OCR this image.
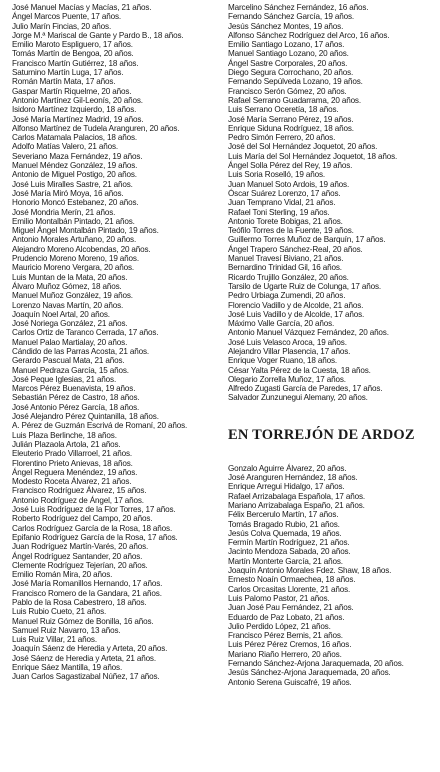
José Manuel Macías y Macías, 21 años.
Ángel Marcos Puente, 17 años.
Julio Marín Fincias, 20 años.
Jorge M.ª Mariscal de Gante y Pardo B., 18 años.
Emilio Maroto Espliguero, 17 años.
Tomás Martín de Bengoa, 20 años.
Francisco Martín Gutiérrez, 18 años.
Saturnino Martín Luga, 17 años.
Román Martín Mata, 17 años.
Gaspar Martín Riquelme, 20 años.
Antonio Martínez Gil-Leonís, 20 años.
Isidoro Martínez Izquierdo, 18 años.
José María Martínez Madrid, 19 años.
Alfonso Martínez de Tudela Aranguren, 20 años.
Carlos Matamala Palacios, 18 años.
Adolfo Matías Valero, 21 años.
Severiano Maza Fernández, 19 años.
Manuel Méndez González, 19 años.
Antonio de Miguel Postigo, 20 años.
José Luis Miralles Sastre, 21 años.
José María Miró Moya, 16 años.
Honorio Moncó Estebanez, 20 años.
José Mondria Merín, 21 años.
Emilio Montalbán Pintado, 21 años.
Miguel Ángel Montalbán Pintado, 19 años.
Antonio Morales Artuñano, 20 años.
Alejandro Moreno Alcobendas, 20 años.
Prudencio Moreno Moreno, 19 años.
Mauricio Moreno Vergara, 20 años.
Luis Muntan de la Mata, 20 años.
Álvaro Muñoz Gómez, 18 años.
Manuel Muñoz González, 19 años.
Lorenzo Navas Martín, 20 años.
Joaquín Noel Artal, 20 años.
José Noriega González, 21 años.
Carlos Ortiz de Taranco Cerrada, 17 años.
Manuel Palao Martialay, 20 años.
Cándido de las Parras Acosta, 21 años.
Gerardo Pascual Mata, 21 años.
Manuel Pedraza García, 15 años.
José Peque Iglesias, 21 años.
Marcos Pérez Buenavista, 19 años.
Sebastián Pérez de Castro, 18 años.
José Antonio Pérez García, 18 años.
José Alejandro Pérez Quintanilla, 18 años.
A. Pérez de Guzmán Escrivá de Romaní, 20 años.
Luis Plaza Berlinche, 18 años.
Julián Plazaola Artola, 21 años.
Eleuterio Prado Villarroel, 21 años.
Florentino Prieto Anievas, 18 años.
Ángel Reguera Menéndez, 19 años.
Modesto Roceta Álvarez, 21 años.
Francisco Rodríguez Álvarez, 15 años.
Antonio Rodríguez de Ángel, 17 años.
José Luis Rodríguez de la Flor Torres, 17 años.
Roberto Rodríguez del Campo, 20 años.
Carlos Rodríguez García de la Rosa, 18 años.
Epifanio Rodríguez García de la Rosa, 17 años.
Juan Rodríguez Martín-Varés, 20 años.
Ángel Rodríguez Santander, 20 años.
Clemente Rodríguez Tejerían, 20 años.
Emilio Román Mira, 20 años.
José María Romanillos Hernando, 17 años.
Francisco Romero de la Gandara, 21 años.
Pablo de la Rosa Cabestrero, 18 años.
Luis Rubio Cueto, 21 años.
Manuel Ruiz Gómez de Bonilla, 16 años.
Samuel Ruiz Navarro, 13 años.
Luis Ruiz Villar, 21 años.
Joaquín Sáenz de Heredia y Arteta, 20 años.
José Sáenz de Heredia y Arteta, 21 años.
Enrique Sáez Mantilla, 19 años.
Juan Carlos Sagastizabal Núñez, 17 años.
Marcelino Sánchez Fernández, 16 años.
Fernando Sánchez García, 19 años.
Jesús Sánchez Montes, 19 años.
Alfonso Sánchez Rodríguez del Arco, 16 años.
Emilio Santiago Lozano, 17 años.
Manuel Santiago Lozano, 20 años.
Ángel Sastre Corporales, 20 años.
Diego Segura Corrochano, 20 años.
Fernando Sepúlveda Lozano, 19 años.
Francisco Serón Gómez, 20 años.
Rafael Serrano Guadarrama, 20 años.
Luis Serrano Oceretía, 18 años.
José María Serrano Pérez, 19 años.
Enrique Siduna Rodríguez, 18 años.
Pedro Simón Ferrero, 20 años.
José del Sol Hernández Joquetot, 20 años.
Luis María del Sol Hernández Joquetot, 18 años.
Ángel Solla Pérez del Rey, 19 años.
Luis Soria Roselló, 19 años.
Juan Manuel Soto Ardois, 19 años.
Óscar Suárez Lorenzo, 17 años.
Juan Temprano Vidal, 21 años.
Rafael Toni Sterling, 19 años.
Antonio Torete Bobigas, 21 años.
Teófilo Torres de la Fuente, 19 años.
Guillermo Torres Muñoz de Barquín, 17 años.
Ángel Trapero Sánchez-Real, 20 años.
Manuel Travesí Biviano, 21 años.
Bernardino Trinidad Gil, 16 años.
Ricardo Trujillo González, 20 años.
Tarsilo de Ugarte Ruiz de Colunga, 17 años.
Pedro Urbiaga Zumendi, 20 años.
Florencio Vadillo y de Alcolde, 21 años.
José Luis Vadillo y de Alcolde, 17 años.
Máximo Valle García, 20 años.
Antonio Manuel Vázquez Fernández, 20 años.
José Luis Velasco Aroca, 19 años.
Alejandro Villar Plasencia, 17 años.
Enrique Voger Ruano, 18 años.
César Yalta Pérez de la Cuesta, 18 años.
Olegario Zorrella Muñoz, 17 años.
Alfredo Zugasti García de Paredes, 17 años.
Salvador Zunzunegui Alemany, 20 años.
EN TORREJÓN DE ARDOZ
Gonzalo Aguirre Álvarez, 20 años.
José Aranguren Hernández, 18 años.
Enrique Arregui Hidalgo, 17 años.
Rafael Arrizabalaga Española, 17 años.
Mariano Arrizabalaga Españo, 21 años.
Félix Bercerulo Martín, 17 años.
Tomás Bragado Rubio, 21 años.
Jesús Colva Quemada, 19 años.
Fermín Martín Rodríguez, 21 años.
Jacinto Mendoza Sabada, 20 años.
Martín Monterte García, 21 años.
Joaquín Antonio Morales Fdez. Shaw, 18 años.
Ernesto Noaín Ormaechea, 18 años.
Carlos Orcasitas Llorente, 21 años.
Luis Palomo Pastor, 21 años.
Juan José Pau Fernández, 21 años.
Eduardo de Paz Lobato, 21 años.
Julio Perdido López, 21 años.
Francisco Pérez Bernis, 21 años.
Luis Pérez Pérez Cremos, 16 años.
Mariano Riaño Herrero, 20 años.
Fernando Sánchez-Arjona Jaraquemada, 20 años.
Jesús Sánchez-Arjona Jaraquemada, 20 años.
Antonio Serena Guiscafré, 19 años.
